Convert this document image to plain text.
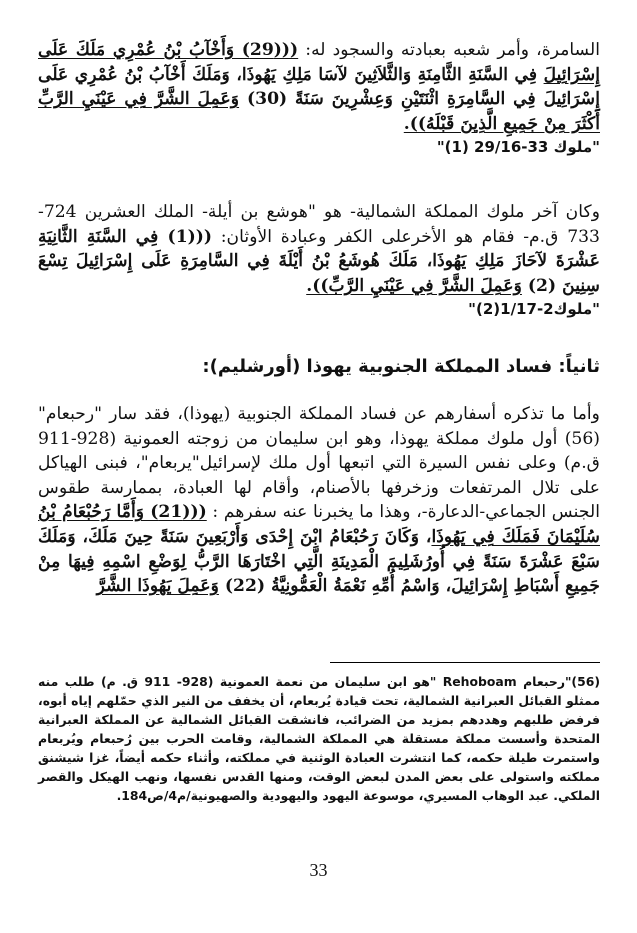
السامرة، وأمر شعبه بعبادته والسجود له: (((29) وَأَخْآبُ بْنُ عُمْرِي مَلَكَ عَلَى إِسْرَائِيلَ فِي السَّنَةِ الثَّامِنَةِ وَالثَّلاَثِينَ لآسَا مَلِكِ يَهُوذَا، وَمَلَكَ أَخْآبُ بْنُ عُمْرِي عَلَى إِسْرَائِيلَ فِي السَّامِرَةِ اثْنَتَيْنِ وَعِشْرِينَ سَنَةً (30) وَعَمِلَ الشَّرَّ فِي عَيْنَيِ الرَّبِّ أَكْثَرَ مِنْ جَمِيعِ الَّذِينَ قَبْلَهُ)).

"(1) ملوك 33-29/16"

وكان آخر ملوك المملكة الشمالية- هو "هوشع بن أيلة- الملك العشرين 724-733 ق.م- فقام هو الأخرعلى الكفر وعبادة الأوثان: (((1) فِي السَّنَةِ الثَّانِيَةِ عَشْرَةَ لآحَازَ مَلِكِ يَهُوذَا، مَلَكَ هُوشَعُ بْنُ أَيْلَةَ فِي السَّامِرَةِ عَلَى إِسْرَائِيلَ تِسْعَ سِنِينَ (2) وَعَمِلَ الشَّرَّ فِي عَيْنَيِ الرَّبِّ)).

"(2)ملوك2-1/17"

ثانياً: فساد المملكة الجنوبية يهوذا (أورشليم):

وأما ما تذكره أسفارهم عن فساد المملكة الجنوبية (يهوذا)، فقد سار "رحبعام"(56) أول ملوك مملكة يهوذا، وهو ابن سليمان من زوجته العمونية (928-911 ق.م) وعلى نفس السيرة التي اتبعها أول ملك لإسرائيل"يربعام"، فبنى الهياكل على تلال المرتفعات وزخرفها بالأصنام، وأقام لها العبادة، بممارسة طقوس الجنس الجماعي-الدعارة-، وهذا ما يخبرنا عنه سفرهم : (((21) وَأَمَّا رَحُبْعَامُ بْنُ سُلَيْمَانَ فَمَلَكَ فِي يَهُوذَا، وَكَانَ رَحُبْعَامُ ابْنَ إِحْدَى وَأَرْبَعِينَ سَنَةً حِينَ مَلَكَ، وَمَلَكَ سَبْعَ عَشْرَةَ سَنَةً فِي أُورُشَلِيمَ الْمَدِينَةِ الَّتِي اخْتَارَهَا الرَّبُّ لِوَضْعِ اسْمِهِ فِيهَا مِنْ جَمِيعِ أَسْبَاطِ إِسْرَائِيلَ، وَاسْمُ أُمِّهِ نَعْمَةُ الْعَمُّونِيَّةُ (22) وَعَمِلَ يَهُوذَا الشَّرَّ

(56)"رحبعام Rehoboam "هو ابن سليمان من نعمة العمونية (928- 911 ق. م) طلب منه ممثلو القبائل العبرانية الشمالية، تحت قيادة يُربعام، أن يخفف من النير الذي حمّلهم إياه أبوه، فرفض طلبهم وهددهم بمزيد من الضرائب، فانشقت القبائل الشمالية عن المملكة العبرانية المتحدة وأسست مملكة مستقلة هي المملكة الشمالية، وقامت الحرب بين رُحبعام ويُربعام واستمرت طيلة حكمه، كما انتشرت العبادة الوثنية في مملكته، وأثناء حكمه أيضاً، غزا شيشنق مملكته واستولى على بعض المدن لبعض الوقت، ومنها القدس نفسها، ونهب الهيكل والقصر الملكي. عبد الوهاب المسيري، موسوعة اليهود واليهودية والصهيونية/م4/ص184.

33
